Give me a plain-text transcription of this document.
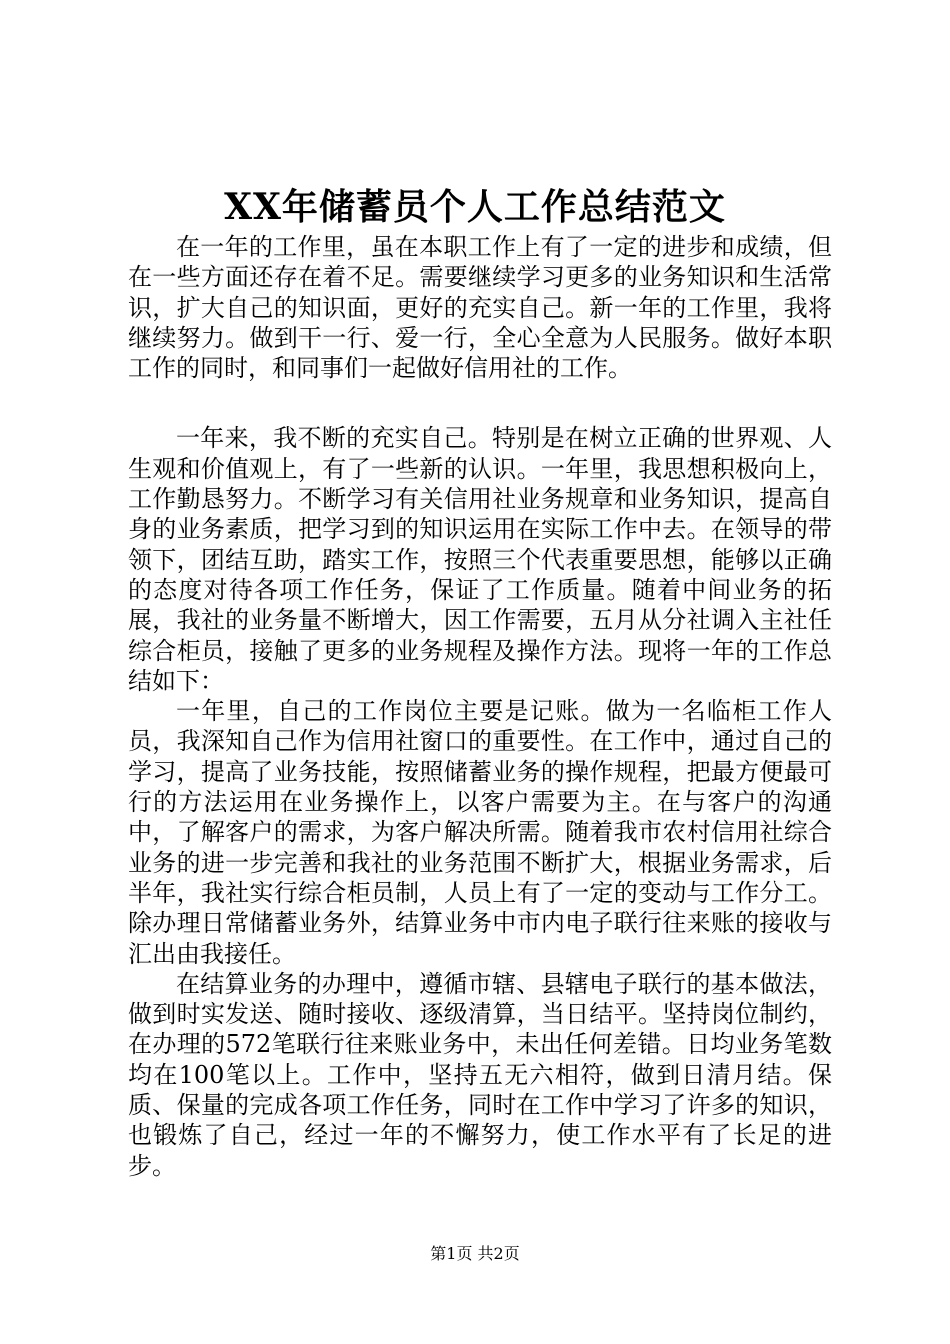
XX年储蓄员个人工作总结范文

在一年的工作里，虽在本职工作上有了一定的进步和成绩，但在一些方面还存在着不足。需要继续学习更多的业务知识和生活常识，扩大自己的知识面，更好的充实自己。新一年的工作里，我将继续努力。做到干一行、爱一行，全心全意为人民服务。做好本职工作的同时，和同事们一起做好信用社的工作。

一年来，我不断的充实自己。特别是在树立正确的世界观、人生观和价值观上，有了一些新的认识。一年里，我思想积极向上，工作勤恳努力。不断学习有关信用社业务规章和业务知识，提高自身的业务素质，把学习到的知识运用在实际工作中去。在领导的带领下，团结互助，踏实工作，按照三个代表重要思想，能够以正确的态度对待各项工作任务，保证了工作质量。随着中间业务的拓展，我社的业务量不断增大，因工作需要，五月从分社调入主社任综合柜员，接触了更多的业务规程及操作方法。现将一年的工作总结如下：

一年里，自己的工作岗位主要是记账。做为一名临柜工作人员，我深知自己作为信用社窗口的重要性。在工作中，通过自己的学习，提高了业务技能，按照储蓄业务的操作规程，把最方便最可行的方法运用在业务操作上，以客户需要为主。在与客户的沟通中，了解客户的需求，为客户解决所需。随着我市农村信用社综合业务的进一步完善和我社的业务范围不断扩大，根据业务需求，后半年，我社实行综合柜员制，人员上有了一定的变动与工作分工。除办理日常储蓄业务外，结算业务中市内电子联行往来账的接收与汇出由我接任。

在结算业务的办理中，遵循市辖、县辖电子联行的基本做法，做到时实发送、随时接收、逐级清算，当日结平。坚持岗位制约，在办理的572笔联行往来账业务中，未出任何差错。日均业务笔数均在100笔以上。工作中，坚持五无六相符，做到日清月结。保质、保量的完成各项工作任务，同时在工作中学习了许多的知识，也锻炼了自己，经过一年的不懈努力，使工作水平有了长足的进步。

第1页 共2页
